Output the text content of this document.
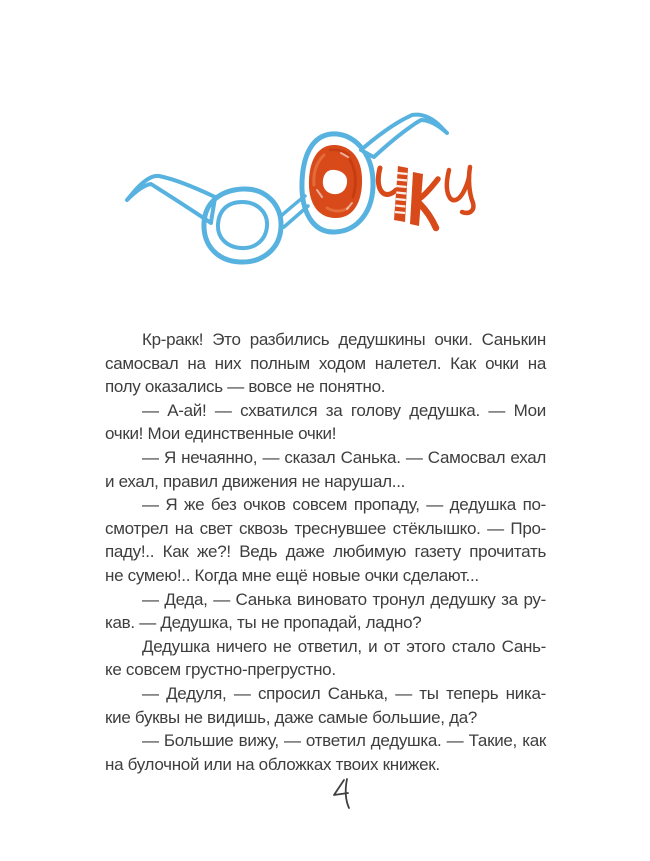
Кр-ракк! Это разбились дедушкины очки. Санькин
самосвал на них полным ходом налетел. Как очки на
полу оказались — вовсе не понятно.

— А-ай! — схватился за голову дедушка. — Мои
очки! Мои единственные очки!

— Я нечаянно, — сказал Санька. — Самосвал ехал
и ехал, правил движения не нарушал...

— Я же без очков совсем пропаду, — дедушка по-
смотрел на свет сквозь треснувшее стёклышко. — Про-
паду!.. Как же?! Ведь даже любимую газету прочитать
не сумею!.. Когда мне ещё новые очки сделают...

— Деда, — Санька виновато тронул дедушку за ру-
кав. — Дедушка, ты не пропадай, ладно?

Дедушка ничего не ответил, и от этого стало Сань-
ке совсем грустно-прегрустно.

— Дедуля, — спросил Санька, — ты теперь ника-
кие буквы не видишь, даже самые большие, да?

— Большие вижу, — ответил дедушка. — Такие, как
на булочной или на обложках твоих книжек.
